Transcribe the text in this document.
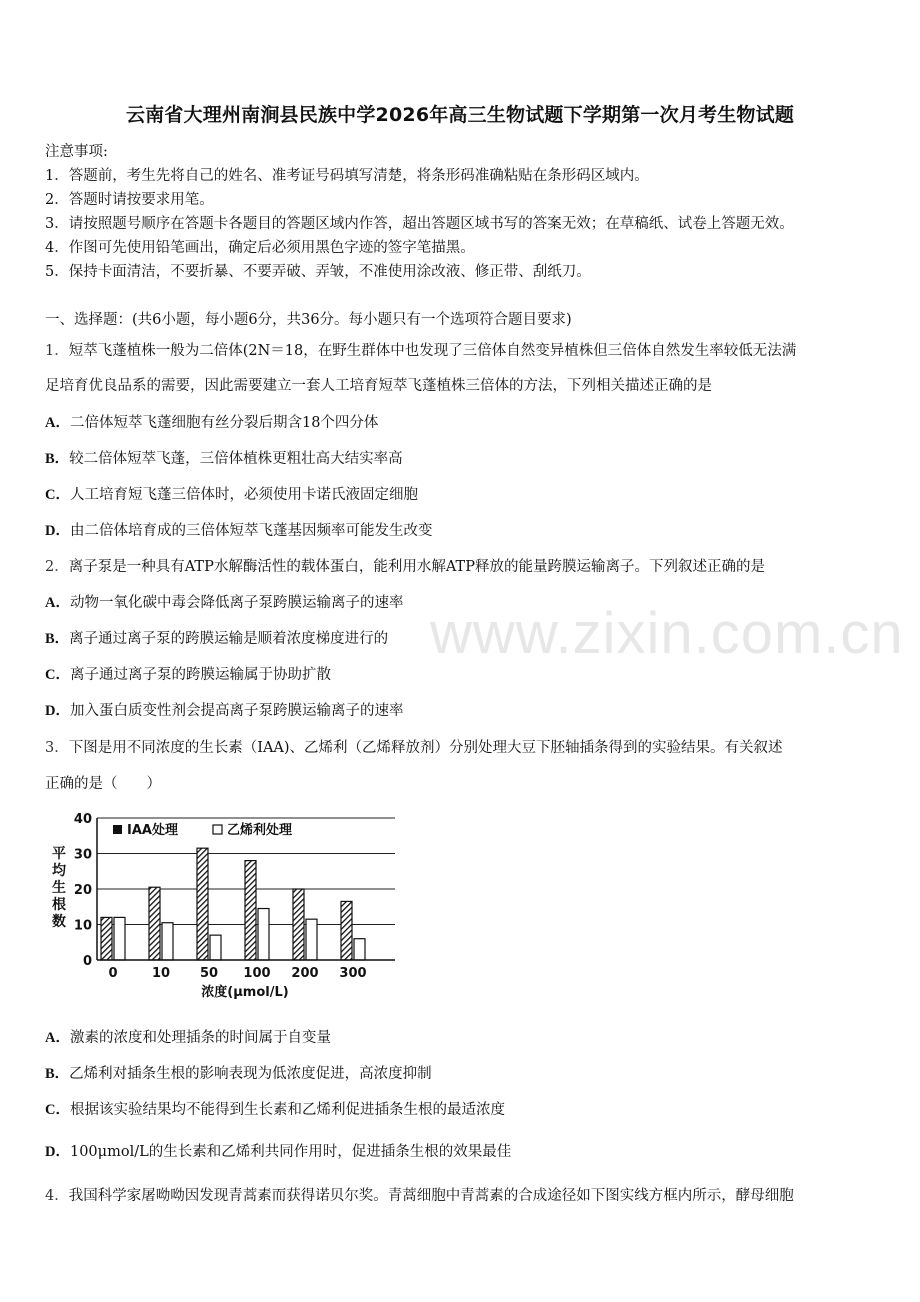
云南省大理州南涧县民族中学2026年高三生物试题下学期第一次月考生物试题
注意事项:
1．答题前，考生先将自己的姓名、准考证号码填写清楚，将条形码准确粘贴在条形码区域内。
2．答题时请按要求用笔。
3．请按照题号顺序在答题卡各题目的答题区域内作答，超出答题区域书写的答案无效；在草稿纸、试卷上答题无效。
4．作图可先使用铅笔画出，确定后必须用黑色字迹的签字笔描黑。
5．保持卡面清洁，不要折暴、不要弄破、弄皱，不准使用涂改液、修正带、刮纸刀。
一、选择题：(共6小题，每小题6分，共36分。每小题只有一个选项符合题目要求)
1．短萃飞蓬植株一般为二倍体(2N＝18，在野生群体中也发现了三倍体自然变异植株但三倍体自然发生率较低无法满
足培育优良品系的需要，因此需要建立一套人工培育短萃飞蓬植株三倍体的方法，下列相关描述正确的是
A．二倍体短萃飞蓬细胞有丝分裂后期含18个四分体
B．较二倍体短萃飞蓬，三倍体植株更粗壮高大结实率高
C．人工培育短飞蓬三倍体时，必须使用卡诺氏液固定细胞
D．由二倍体培育成的三倍体短萃飞蓬基因频率可能发生改变
2．离子泵是一种具有ATP水解酶活性的载体蛋白，能利用水解ATP释放的能量跨膜运输离子。下列叙述正确的是
A．动物一氧化碳中毒会降低离子泵跨膜运输离子的速率
B．离子通过离子泵的跨膜运输是顺着浓度梯度进行的
C．离子通过离子泵的跨膜运输属于协助扩散
D．加入蛋白质变性剂会提高离子泵跨膜运输离子的速率
3．下图是用不同浓度的生长素（IAA)、乙烯利（乙烯释放剂）分别处理大豆下胚轴插条得到的实验结果。有关叙述
正确的是（　　）
0
10
20
30
40
平
均
生
根
数
0	10 50 100 200 300
浓度(μmol/L)
IAA处理	乙烯利处理
A．激素的浓度和处理插条的时间属于自变量
B．乙烯利对插条生根的影响表现为低浓度促进，高浓度抑制
C．根据该实验结果均不能得到生长素和乙烯利促进插条生根的最适浓度
D．100μmol/L的生长素和乙烯利共同作用时，促进插条生根的效果最佳
4．我国科学家屠呦呦因发现青蒿素而获得诺贝尔奖。青蒿细胞中青蒿素的合成途径如下图实线方框内所示，酵母细胞
www.zixin.com.cn
